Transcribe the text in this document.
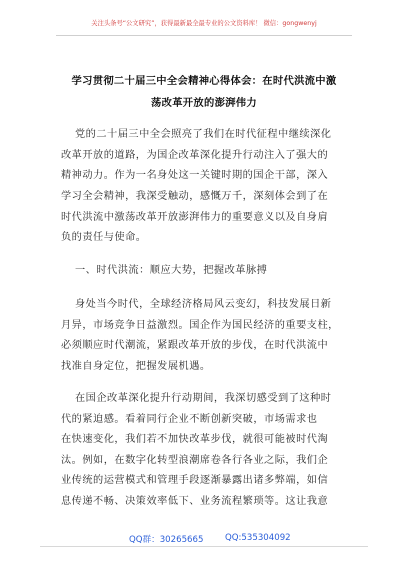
关注头条号“公文研究”，获得最新最全最专业的公文资料库！ 微信：gongwenyj
学习贯彻二十届三中全会精神心得体会：在时代洪流中激
荡改革开放的澎湃伟力
党的二十届三中全会照亮了我们在时代征程中继续深化
改革开放的道路，为国企改革深化提升行动注入了强大的
精神动力。作为一名身处这一关键时期的国企干部，深入
学习全会精神，我深受触动，感慨万千，深刻体会到了在
时代洪流中激荡改革开放澎湃伟力的重要意义以及自身肩
负的责任与使命。
一、时代洪流：顺应大势，把握改革脉搏
身处当今时代，全球经济格局风云变幻，科技发展日新
月异，市场竞争日益激烈。国企作为国民经济的重要支柱，
必须顺应时代潮流，紧跟改革开放的步伐，在时代洪流中
找准自身定位，把握发展机遇。
在国企改革深化提升行动期间，我深切感受到了这种时
代的紧迫感。看着同行企业不断创新突破，市场需求也
在快速变化，我们若不加快改革步伐，就很可能被时代淘
汰。例如，在数字化转型浪潮席卷各行各业之际，我们企
业传统的运营模式和管理手段逐渐暴露出诸多弊端，如信
息传递不畅、决策效率低下、业务流程繁琐等。这让我意
QQ群：30265665	QQ:535304092
